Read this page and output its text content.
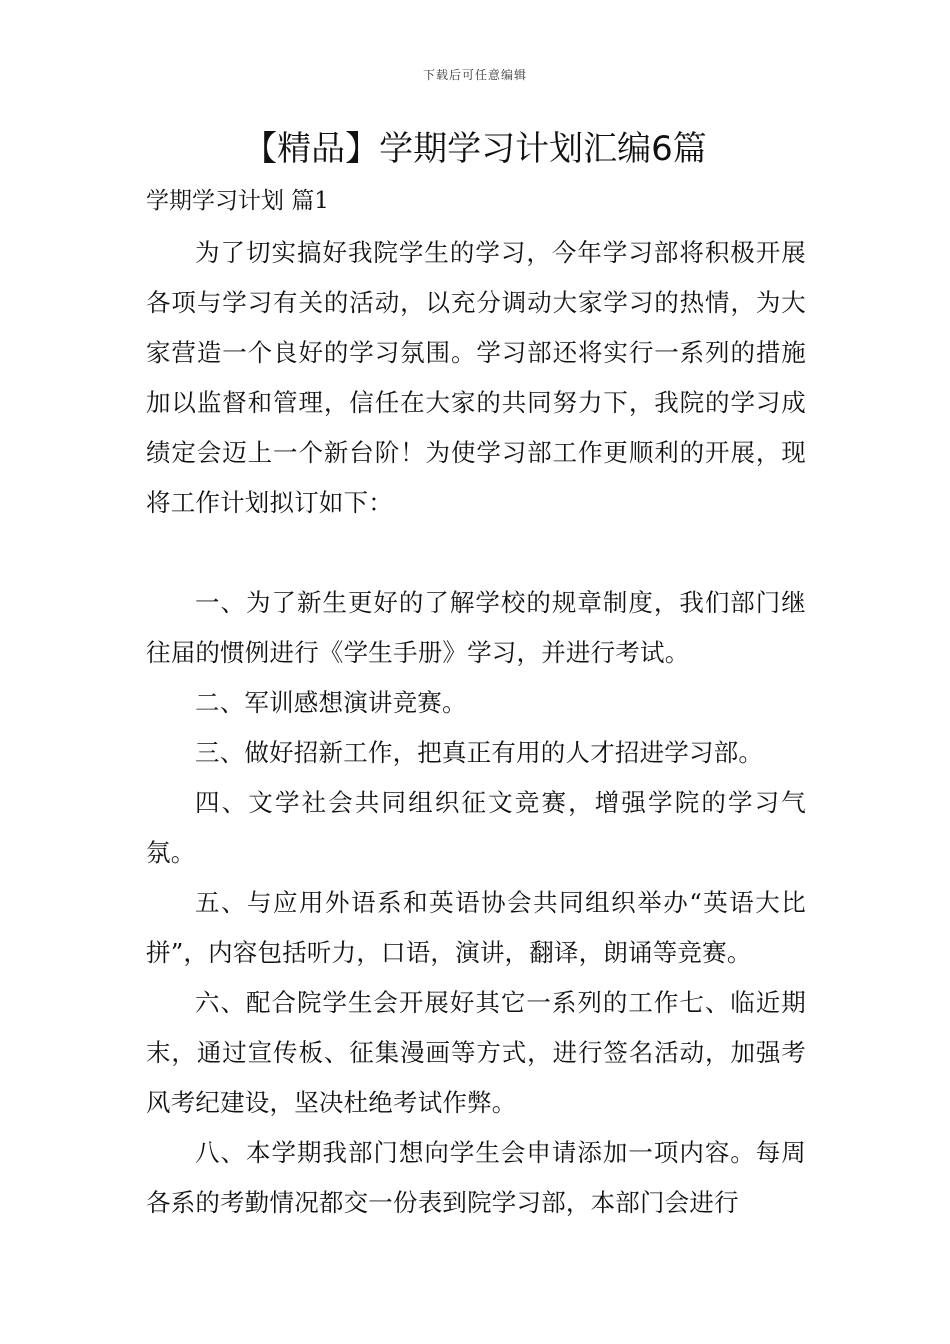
下载后可任意编辑
【精品】学期学习计划汇编6篇
学期学习计划 篇1

为了切实搞好我院学生的学习，今年学习部将积极开展各项与学习有关的活动，以充分调动大家学习的热情，为大家营造一个良好的学习氛围。学习部还将实行一系列的措施加以监督和管理，信任在大家的共同努力下，我院的学习成绩定会迈上一个新台阶！为使学习部工作更顺利的开展，现将工作计划拟订如下：

一、为了新生更好的了解学校的规章制度，我们部门继往届的惯例进行《学生手册》学习，并进行考试。

二、军训感想演讲竞赛。

三、做好招新工作，把真正有用的人才招进学习部。

四、文学社会共同组织征文竞赛，增强学院的学习气氛。

五、与应用外语系和英语协会共同组织举办“英语大比拼”，内容包括听力，口语，演讲，翻译，朗诵等竞赛。

六、配合院学生会开展好其它一系列的工作七、临近期末，通过宣传板、征集漫画等方式，进行签名活动，加强考风考纪建设，坚决杜绝考试作弊。

八、本学期我部门想向学生会申请添加一项内容。每周各系的考勤情况都交一份表到院学习部，本部门会进行
